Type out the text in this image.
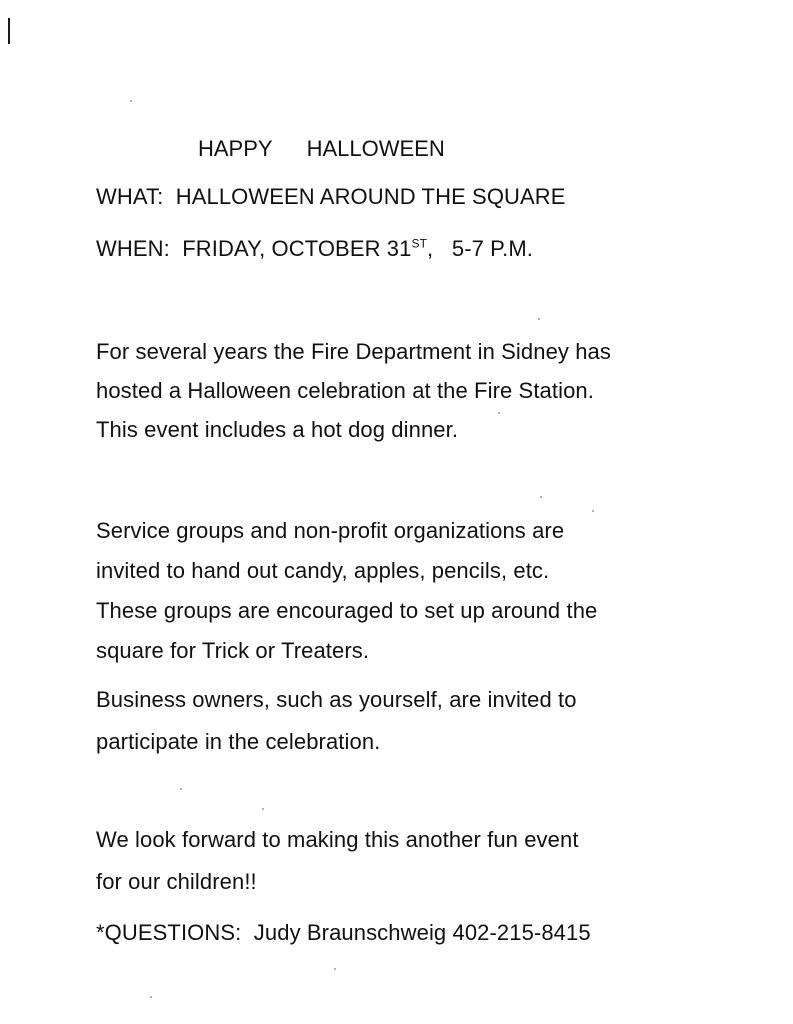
HAPPY HALLOWEEN
WHAT: HALLOWEEN AROUND THE SQUARE
WHEN: FRIDAY, OCTOBER 31ST, 5-7 P.M.
For several years the Fire Department in Sidney has
hosted a Halloween celebration at the Fire Station.
This event includes a hot dog dinner.
Service groups and non-profit organizations are
invited to hand out candy, apples, pencils, etc.
These groups are encouraged to set up around the
square for Trick or Treaters.
Business owners, such as yourself, are invited to
participate in the celebration.
We look forward to making this another fun event
for our children!!
*QUESTIONS: Judy Braunschweig 402-215-8415
